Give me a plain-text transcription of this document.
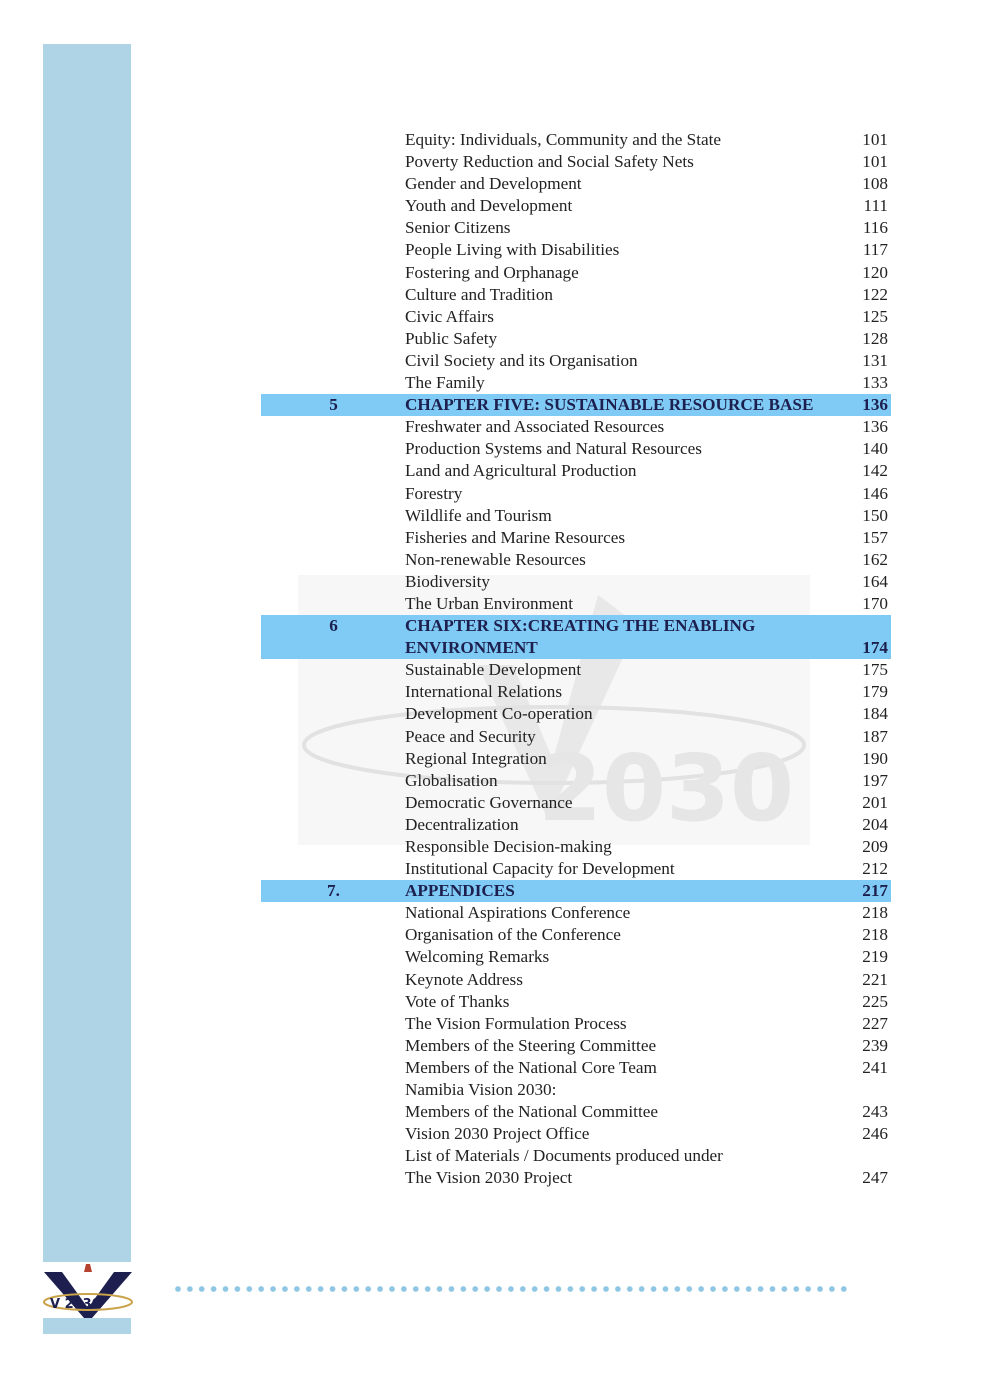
2030
Equity: Individuals, Community and the State	101
Poverty Reduction and Social Safety Nets	101
Gender and Development	108
Youth and Development	111
Senior Citizens	116
People Living with Disabilities	117
Fostering and Orphanage	120
Culture and Tradition	122
Civic Affairs	125
Public Safety	128
Civil Society and its Organisation	131
The Family	133
5	CHAPTER FIVE: SUSTAINABLE RESOURCE BASE	136
Freshwater and Associated Resources	136
Production Systems and Natural Resources	140
Land and Agricultural Production	142
Forestry	146
Wildlife and Tourism	150
Fisheries and Marine Resources	157
Non-renewable Resources	162
Biodiversity	164
The Urban Environment	170
6	CHAPTER SIX:CREATING THE ENABLING
ENVIRONMENT	174
Sustainable Development	175
International Relations	179
Development Co-operation	184
Peace and Security	187
Regional Integration	190
Globalisation	197
Democratic Governance	201
Decentralization	204
Responsible Decision-making	209
Institutional Capacity for Development	212
7.	APPENDICES	217
National Aspirations Conference	218
Organisation of the Conference	218
Welcoming Remarks	219
Keynote Address	221
Vote of Thanks	225
The Vision Formulation Process	227
Members of the Steering Committee	239
Members of the National Core Team	241
Namibia Vision 2030:
Members of the National Committee	243
Vision 2030 Project Office	246
List of Materials / Documents produced under
The Vision 2030 Project	247
V 2030
